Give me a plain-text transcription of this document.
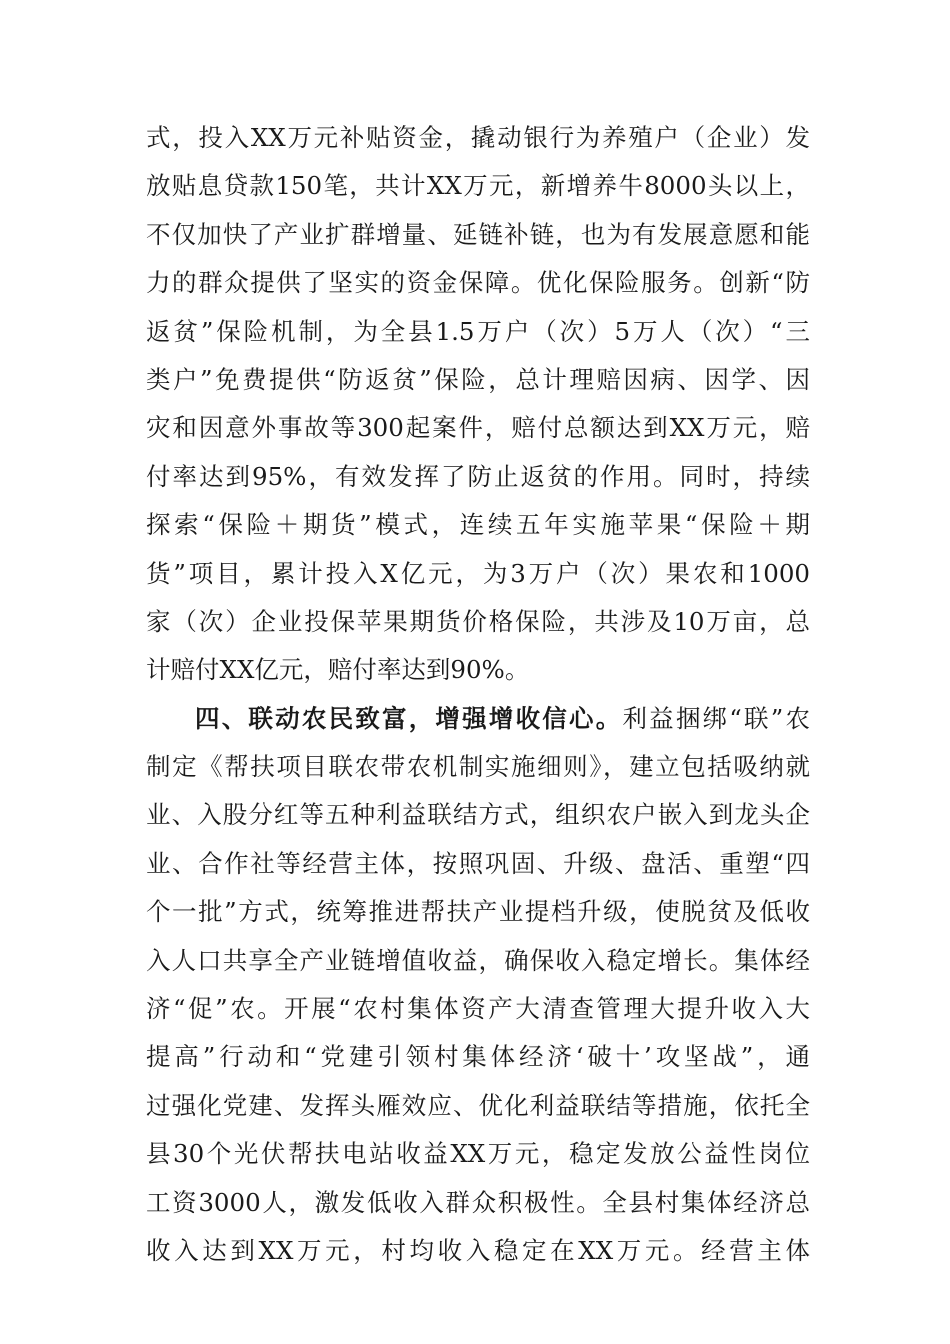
式，投入XX万元补贴资金，撬动银行为养殖户（企业）发
放贴息贷款150笔，共计XX万元，新增养牛8000头以上，
不仅加快了产业扩群增量、延链补链，也为有发展意愿和能
力的群众提供了坚实的资金保障。优化保险服务。创新“防
返贫”保险机制，为全县1.5万户（次）5万人（次）“三
类户”免费提供“防返贫”保险，总计理赔因病、因学、因
灾和因意外事故等300起案件，赔付总额达到XX万元，赔
付率达到95%，有效发挥了防止返贫的作用。同时，持续
探索“保险＋期货”模式，连续五年实施苹果“保险＋期
货”项目，累计投入X亿元，为3万户（次）果农和1000
家（次）企业投保苹果期货价格保险，共涉及10万亩，总
计赔付XX亿元，赔付率达到90%。
四、联动农民致富，增强增收信心。利益捆绑“联”农
制定《帮扶项目联农带农机制实施细则》，建立包括吸纳就
业、入股分红等五种利益联结方式，组织农户嵌入到龙头企
业、合作社等经营主体，按照巩固、升级、盘活、重塑“四
个一批”方式，统筹推进帮扶产业提档升级，使脱贫及低收
入人口共享全产业链增值收益，确保收入稳定增长。集体经
济“促”农。开展“农村集体资产大清查管理大提升收入大
提高”行动和“党建引领村集体经济‘破十’攻坚战”，通
过强化党建、发挥头雁效应、优化利益联结等措施，依托全
县30个光伏帮扶电站收益XX万元，稳定发放公益性岗位
工资3000人，激发低收入群众积极性。全县村集体经济总
收入达到XX万元，村均收入稳定在XX万元。经营主体
